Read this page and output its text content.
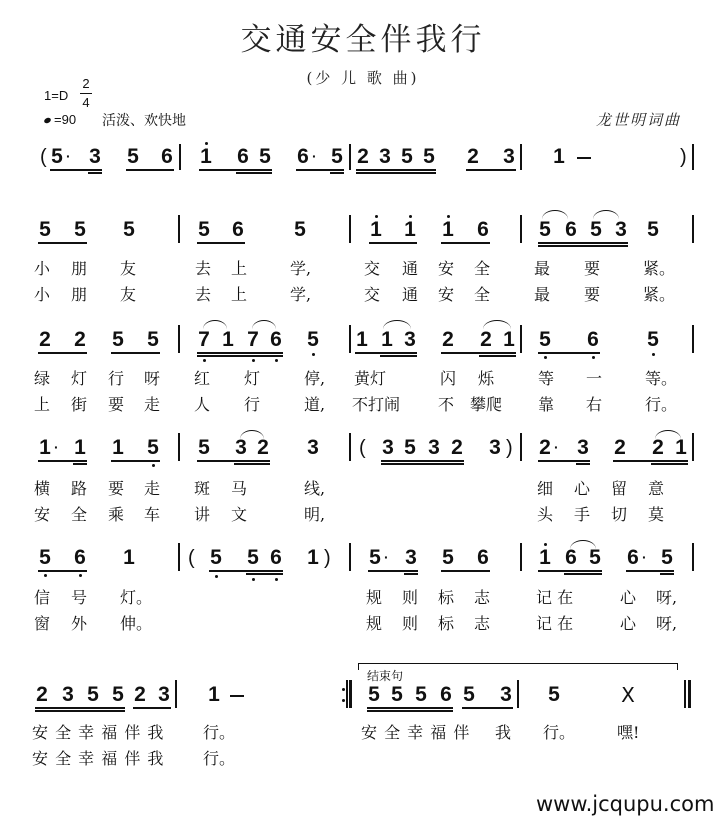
交通安全伴我行
(少 儿 歌 曲)
1=D
2
4
=90 活泼、欢快地	龙世明词曲
( 5 · 3 5 6 1 6 5 6 · 5 2 3 5 5 2 3 1	)
5 5 5	5 6 5	1 1 1 6 5 6 5 3 5
小 朋 友	去 上	学,	交 通 安 全	最 要	紧。
小 朋 友	去 上	学,	交 通 安 全	最 要	紧。
2 2 5 5 7 1 7 6 5 1 1 3 2 2 1 5 6 5
绿 灯 行 呀 红 灯	停, 黄灯	闪 烁	等 一	等。
上 街 要 走 人 行	道, 不打闹 不 攀爬 靠 右	行。
1 · 1 1 5 5 3 2 3 ( 3 5 3 2 3 ) 2 · 3 2 2 1
横 路 要 走 斑 马	线,	细 心 留 意
安 全 乘 车 讲 文	明,	头 手 切 莫
5 6 1	( 5 5 6 1 ) 5 · 3 5 6 1 6 5 6 · 5
信 号 灯。	规 则 标 志	记 在	心 呀,
窗 外 伸。	规 则 标 志	记 在	心 呀,
2 3 5 5 2 3 1
结束句
5 5 5 6 5 3 5	X
安 全 幸 福 伴 我 行。	安 全 幸 福 伴 我 行。	嘿!
安 全 幸 福 伴 我 行。
www.jcqupu.com
